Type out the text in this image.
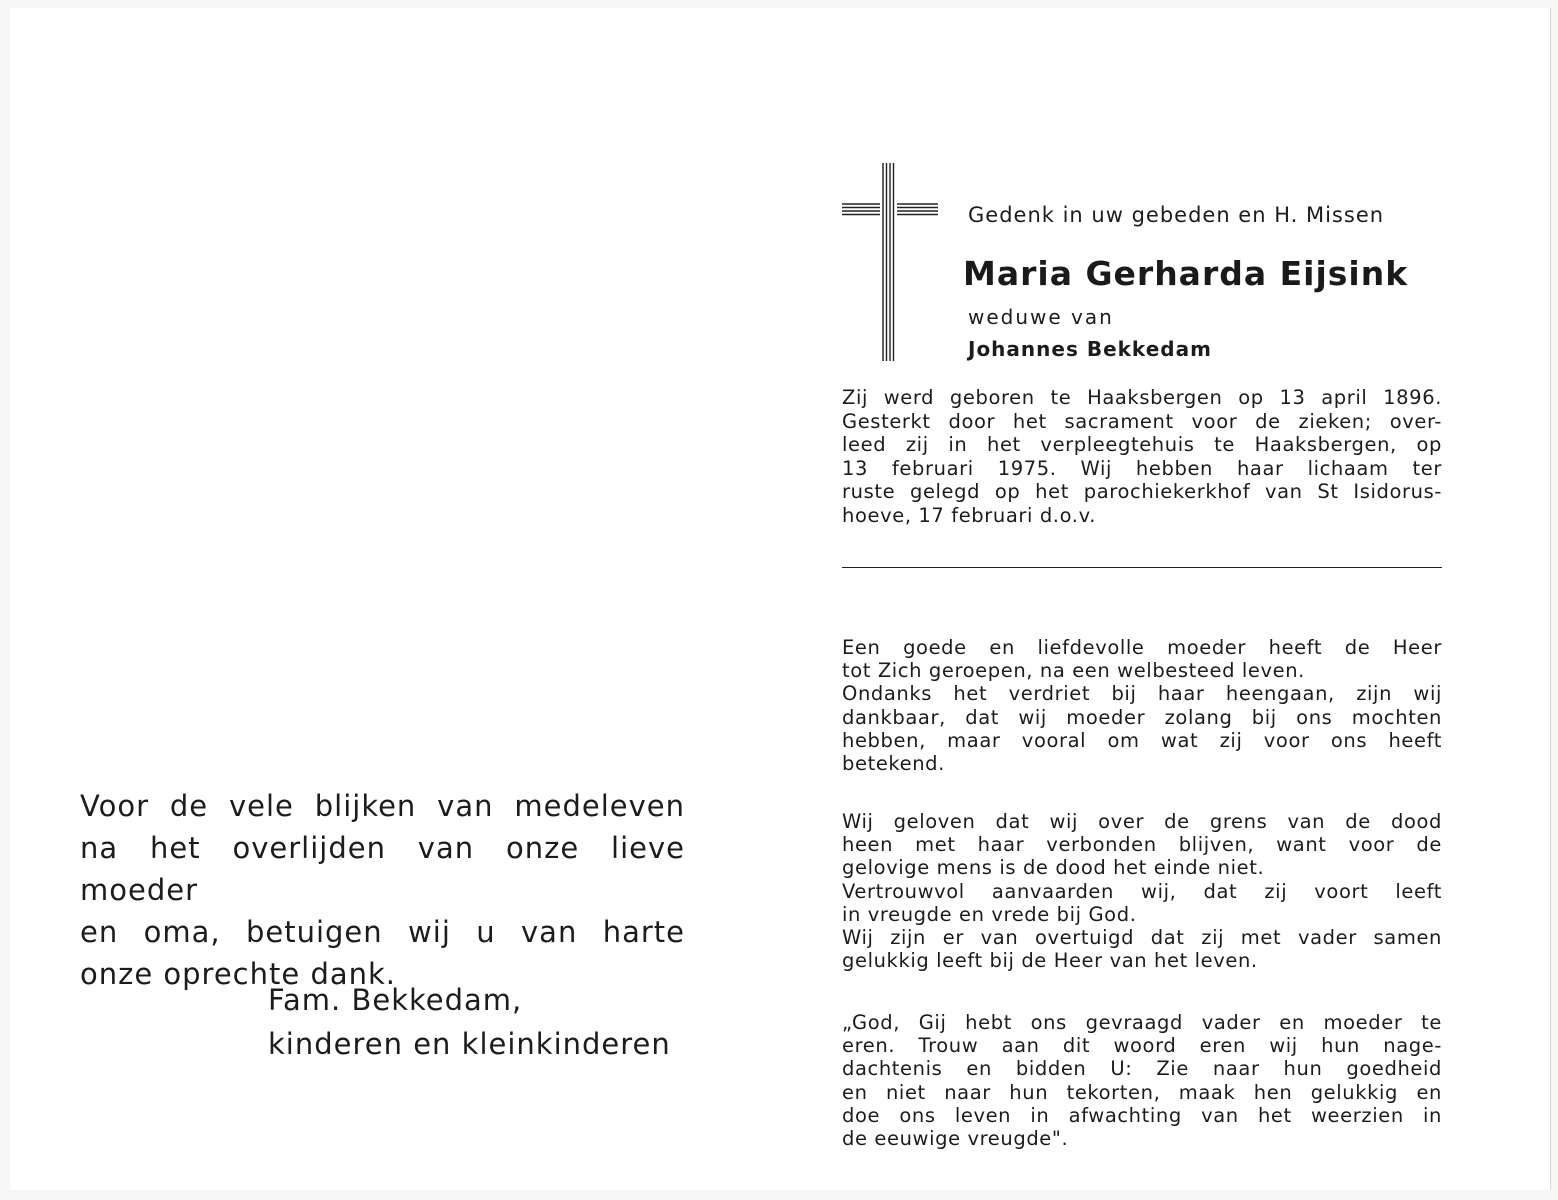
Voor de vele blijken van medeleven
na het overlijden van onze lieve moeder
en oma, betuigen wij u van harte
onze oprechte dank.
Fam. Bekkedam,
kinderen en kleinkinderen
Gedenk in uw gebeden en H. Missen
Maria Gerharda Eijsink
weduwe van
Johannes Bekkedam
Zij werd geboren te Haaksbergen op 13 april 1896.
Gesterkt door het sacrament voor de zieken; over-
leed zij in het verpleegtehuis te Haaksbergen, op
13 februari 1975. Wij hebben haar lichaam ter
ruste gelegd op het parochiekerkhof van St Isidorus-
hoeve, 17 februari d.o.v.
Een goede en liefdevolle moeder heeft de Heer
tot Zich geroepen, na een welbesteed leven.
Ondanks het verdriet bij haar heengaan, zijn wij
dankbaar, dat wij moeder zolang bij ons mochten
hebben, maar vooral om wat zij voor ons heeft
betekend.
Wij geloven dat wij over de grens van de dood
heen met haar verbonden blijven, want voor de
gelovige mens is de dood het einde niet.
Vertrouwvol aanvaarden wij, dat zij voort leeft
in vreugde en vrede bij God.
Wij zijn er van overtuigd dat zij met vader samen
gelukkig leeft bij de Heer van het leven.
„God, Gij hebt ons gevraagd vader en moeder te
eren. Trouw aan dit woord eren wij hun nage-
dachtenis en bidden U: Zie naar hun goedheid
en niet naar hun tekorten, maak hen gelukkig en
doe ons leven in afwachting van het weerzien in
de eeuwige vreugde".
